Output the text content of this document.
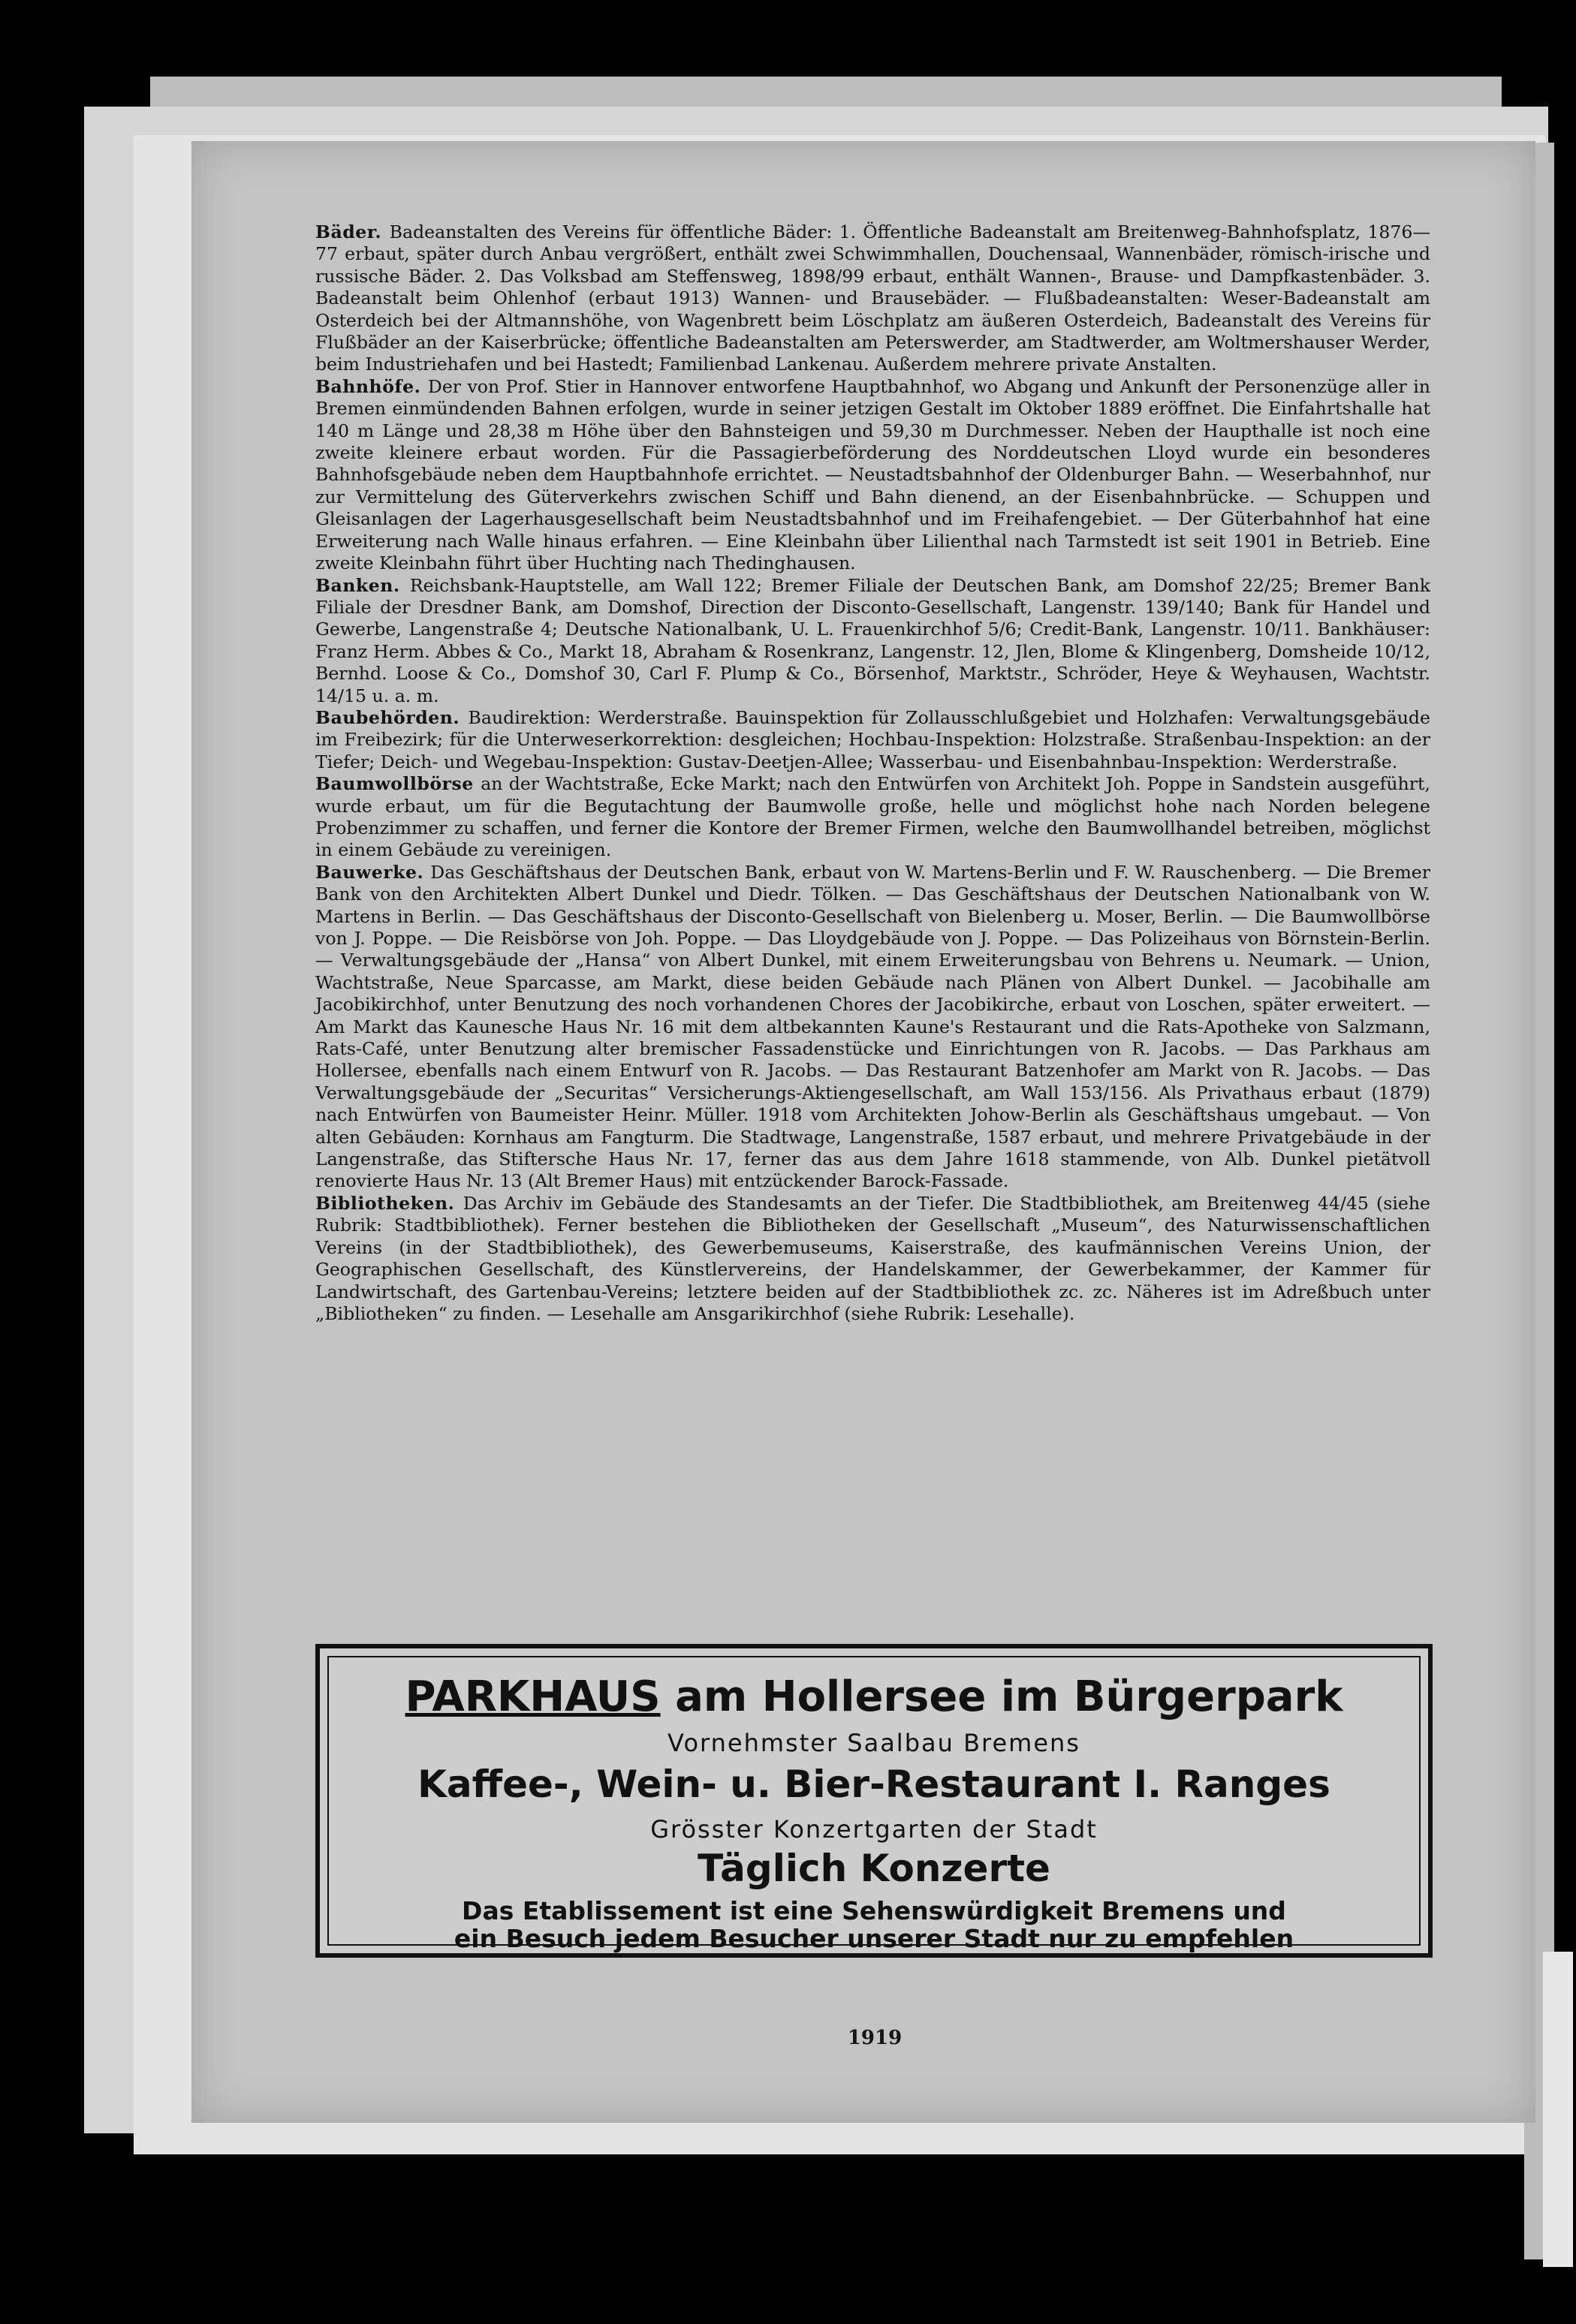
Bäder. Badeanstalten des Vereins für öffentliche Bäder: 1. Öffentliche Badeanstalt am Breitenweg-Bahnhofsplatz, 1876—77 erbaut, später durch Anbau vergrößert, enthält zwei Schwimmhallen, Douchensaal, Wannenbäder, römisch-irische und russische Bäder. 2. Das Volksbad am Steffensweg, 1898/99 erbaut, enthält Wannen-, Brause- und Dampfkastenbäder. 3. Badeanstalt beim Ohlenhof (erbaut 1913) Wannen- und Brausebäder. — Flußbadeanstalten: Weser-Badeanstalt am Osterdeich bei der Altmannshöhe, von Wagenbrett beim Löschplatz am äußeren Osterdeich, Badeanstalt des Vereins für Flußbäder an der Kaiserbrücke; öffentliche Badeanstalten am Peterswerder, am Stadtwerder, am Woltmershauser Werder, beim Industriehafen und bei Hastedt; Familienbad Lankenau. Außerdem mehrere private Anstalten.

Bahnhöfe. Der von Prof. Stier in Hannover entworfene Hauptbahnhof, wo Abgang und Ankunft der Personenzüge aller in Bremen einmündenden Bahnen erfolgen, wurde in seiner jetzigen Gestalt im Oktober 1889 eröffnet. Die Einfahrtshalle hat 140 m Länge und 28,38 m Höhe über den Bahnsteigen und 59,30 m Durchmesser. Neben der Haupthalle ist noch eine zweite kleinere erbaut worden. Für die Passagierbeförderung des Norddeutschen Lloyd wurde ein besonderes Bahnhofsgebäude neben dem Hauptbahnhofe errichtet. — Neustadtsbahnhof der Oldenburger Bahn. — Weserbahnhof, nur zur Vermittelung des Güterverkehrs zwischen Schiff und Bahn dienend, an der Eisenbahnbrücke. — Schuppen und Gleisanlagen der Lagerhausgesellschaft beim Neustadtsbahnhof und im Freihafengebiet. — Der Güterbahnhof hat eine Erweiterung nach Walle hinaus erfahren. — Eine Kleinbahn über Lilienthal nach Tarmstedt ist seit 1901 in Betrieb. Eine zweite Kleinbahn führt über Huchting nach Thedinghausen.

Banken. Reichsbank-Hauptstelle, am Wall 122; Bremer Filiale der Deutschen Bank, am Domshof 22/25; Bremer Bank Filiale der Dresdner Bank, am Domshof, Direction der Disconto-Gesellschaft, Langenstr. 139/140; Bank für Handel und Gewerbe, Langenstraße 4; Deutsche Nationalbank, U. L. Frauenkirchhof 5/6; Credit-Bank, Langenstr. 10/11. Bankhäuser: Franz Herm. Abbes & Co., Markt 18, Abraham & Rosenkranz, Langenstr. 12, Jlen, Blome & Klingenberg, Domsheide 10/12, Bernhd. Loose & Co., Domshof 30, Carl F. Plump & Co., Börsenhof, Marktstr., Schröder, Heye & Weyhausen, Wachtstr. 14/15 u. a. m.

Baubehörden. Baudirektion: Werderstraße. Bauinspektion für Zollausschlußgebiet und Holzhafen: Verwaltungsgebäude im Freibezirk; für die Unterweserkorrektion: desgleichen; Hochbau-Inspektion: Holzstraße. Straßenbau-Inspektion: an der Tiefer; Deich- und Wegebau-Inspektion: Gustav-Deetjen-Allee; Wasserbau- und Eisenbahnbau-Inspektion: Werderstraße.

Baumwollbörse an der Wachtstraße, Ecke Markt; nach den Entwürfen von Architekt Joh. Poppe in Sandstein ausgeführt, wurde erbaut, um für die Begutachtung der Baumwolle große, helle und möglichst hohe nach Norden belegene Probenzimmer zu schaffen, und ferner die Kontore der Bremer Firmen, welche den Baumwollhandel betreiben, möglichst in einem Gebäude zu vereinigen.

Bauwerke. Das Geschäftshaus der Deutschen Bank, erbaut von W. Martens-Berlin und F. W. Rauschenberg. — Die Bremer Bank von den Architekten Albert Dunkel und Diedr. Tölken. — Das Geschäftshaus der Deutschen Nationalbank von W. Martens in Berlin. — Das Geschäftshaus der Disconto-Gesellschaft von Bielenberg u. Moser, Berlin. — Die Baumwollbörse von J. Poppe. — Die Reisbörse von Joh. Poppe. — Das Lloydgebäude von J. Poppe. — Das Polizeihaus von Börnstein-Berlin. — Verwaltungsgebäude der „Hansa“ von Albert Dunkel, mit einem Erweiterungsbau von Behrens u. Neumark. — Union, Wachtstraße, Neue Sparcasse, am Markt, diese beiden Gebäude nach Plänen von Albert Dunkel. — Jacobihalle am Jacobikirchhof, unter Benutzung des noch vorhandenen Chores der Jacobikirche, erbaut von Loschen, später erweitert. — Am Markt das Kaunesche Haus Nr. 16 mit dem altbekannten Kaune's Restaurant und die Rats-Apotheke von Salzmann, Rats-Café, unter Benutzung alter bremischer Fassadenstücke und Einrichtungen von R. Jacobs. — Das Parkhaus am Hollersee, ebenfalls nach einem Entwurf von R. Jacobs. — Das Restaurant Batzenhofer am Markt von R. Jacobs. — Das Verwaltungsgebäude der „Securitas“ Versicherungs-Aktiengesellschaft, am Wall 153/156. Als Privathaus erbaut (1879) nach Entwürfen von Baumeister Heinr. Müller. 1918 vom Architekten Johow-Berlin als Geschäftshaus umgebaut. — Von alten Gebäuden: Kornhaus am Fangturm. Die Stadtwage, Langenstraße, 1587 erbaut, und mehrere Privatgebäude in der Langenstraße, das Stiftersche Haus Nr. 17, ferner das aus dem Jahre 1618 stammende, von Alb. Dunkel pietätvoll renovierte Haus Nr. 13 (Alt Bremer Haus) mit entzückender Barock-Fassade.

Bibliotheken. Das Archiv im Gebäude des Standesamts an der Tiefer. Die Stadtbibliothek, am Breitenweg 44/45 (siehe Rubrik: Stadtbibliothek). Ferner bestehen die Bibliotheken der Gesellschaft „Museum“, des Naturwissenschaftlichen Vereins (in der Stadtbibliothek), des Gewerbemuseums, Kaiserstraße, des kaufmännischen Vereins Union, der Geographischen Gesellschaft, des Künstlervereins, der Handelskammer, der Gewerbekammer, der Kammer für Landwirtschaft, des Gartenbau-Vereins; letztere beiden auf der Stadtbibliothek zc. zc. Näheres ist im Adreßbuch unter „Bibliotheken“ zu finden. — Lesehalle am Ansgarikirchhof (siehe Rubrik: Lesehalle).

PARKHAUS am Hollersee im Bürgerpark
Vornehmster Saalbau Bremens
Kaffee-, Wein- u. Bier-Restaurant I. Ranges
Grösster Konzertgarten der Stadt
Täglich Konzerte
Das Etablissement ist eine Sehenswürdigkeit Bremens und
ein Besuch jedem Besucher unserer Stadt nur zu empfehlen
1919
